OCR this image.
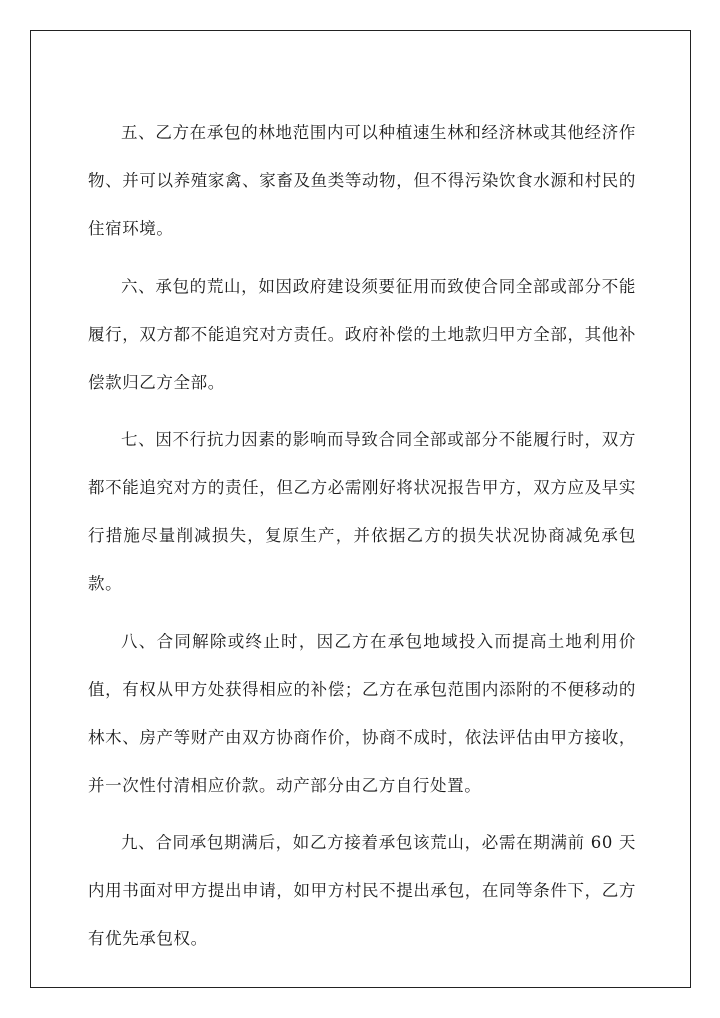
五、乙方在承包的林地范围内可以种植速生林和经济林或其他经济作物、并可以养殖家禽、家畜及鱼类等动物，但不得污染饮食水源和村民的住宿环境。

六、承包的荒山，如因政府建设须要征用而致使合同全部或部分不能履行，双方都不能追究对方责任。政府补偿的土地款归甲方全部，其他补偿款归乙方全部。

七、因不行抗力因素的影响而导致合同全部或部分不能履行时，双方都不能追究对方的责任，但乙方必需刚好将状况报告甲方，双方应及早实行措施尽量削减损失，复原生产，并依据乙方的损失状况协商减免承包款。

八、合同解除或终止时，因乙方在承包地域投入而提高土地利用价值，有权从甲方处获得相应的补偿；乙方在承包范围内添附的不便移动的林木、房产等财产由双方协商作价，协商不成时，依法评估由甲方接收，并一次性付清相应价款。动产部分由乙方自行处置。

九、合同承包期满后，如乙方接着承包该荒山，必需在期满前 60 天内用书面对甲方提出申请，如甲方村民不提出承包，在同等条件下，乙方有优先承包权。
